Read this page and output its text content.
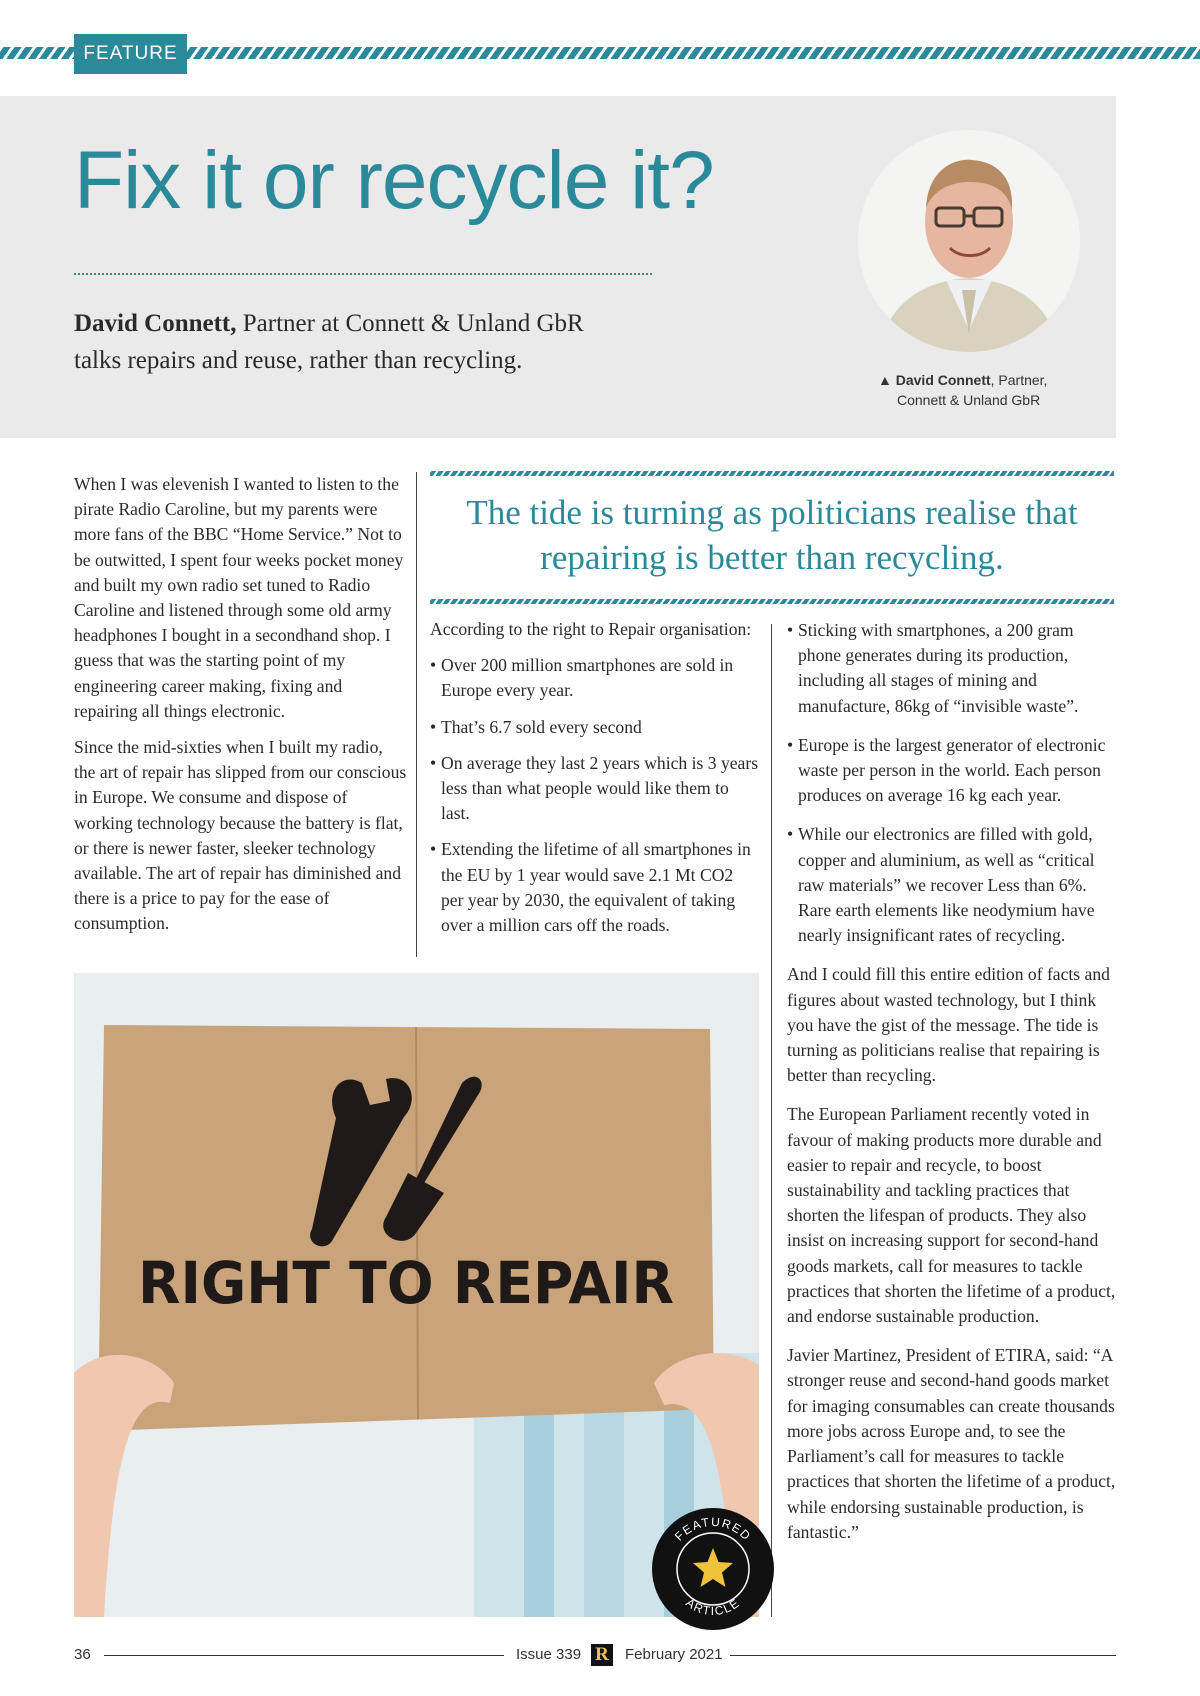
FEATURE
Fix it or recycle it?

David Connett, Partner at Connett & Unland GbR
talks repairs and reuse, rather than recycling.

▲ David Connett, Partner,
Connett & Unland GbR

When I was elevenish I wanted to listen to the pirate Radio Caroline, but my parents were more fans of the BBC “Home Service.” Not to be outwitted, I spent four weeks pocket money and built my own radio set tuned to Radio Caroline and listened through some old army headphones I bought in a secondhand shop. I guess that was the starting point of my engineering career making, fixing and repairing all things electronic.

Since the mid-sixties when I built my radio, the art of repair has slipped from our conscious in Europe. We consume and dispose of working technology because the battery is flat, or there is newer faster, sleeker technology available. The art of repair has diminished and there is a price to pay for the ease of consumption.

The tide is turning as politicians realise that repairing is better than recycling.

According to the right to Repair organisation:

• Over 200 million smartphones are sold in Europe every year.
• That’s 6.7 sold every second
• On average they last 2 years which is 3 years less than what people would like them to last.
• Extending the lifetime of all smartphones in the EU by 1 year would save 2.1 Mt CO2 per year by 2030, the equivalent of taking over a million cars off the roads.
• Sticking with smartphones, a 200 gram phone generates during its production, including all stages of mining and manufacture, 86kg of “invisible waste”.
• Europe is the largest generator of electronic waste per person in the world. Each person produces on average 16 kg each year.
• While our electronics are filled with gold, copper and aluminium, as well as “critical raw materials” we recover Less than 6%. Rare earth elements like neodymium have nearly insignificant rates of recycling.

And I could fill this entire edition of facts and figures about wasted technology, but I think you have the gist of the message. The tide is turning as politicians realise that repairing is better than recycling.

The European Parliament recently voted in favour of making products more durable and easier to repair and recycle, to boost sustainability and tackling practices that shorten the lifespan of products. They also insist on increasing support for second-hand goods markets, call for measures to tackle practices that shorten the lifetime of a product, and endorse sustainable production.

Javier Martinez, President of ETIRA, said: “A stronger reuse and second-hand goods market for imaging consumables can create thousands more jobs across Europe and, to see the Parliament’s call for measures to tackle practices that shorten the lifetime of a product, while endorsing sustainable production, is fantastic.”

RIGHT TO REPAIR
FEATURED
ARTICLE
36	Issue 339 R February 2021
